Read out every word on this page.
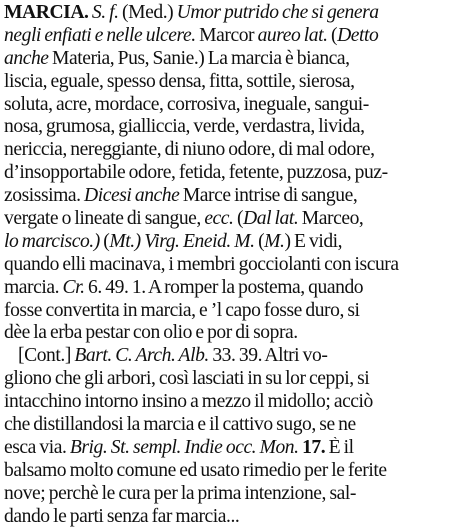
MARCIA. S. f. (Med.) Umor putrido che si genera
negli enfiati e nelle ulcere. Marcor aureo lat. (Detto
anche Materia, Pus, Sanie.) La marcia è bianca,
liscia, eguale, spesso densa, fitta, sottile, sierosa,
soluta, acre, mordace, corrosiva, ineguale, sangui-
nosa, grumosa, gialliccia, verde, verdastra, livida,
nericcia, nereggiante, di niuno odore, di mal odore,
d’insopportabile odore, fetida, fetente, puzzosa, puz-
zosissima. Dicesi anche Marce intrise di sangue,
vergate o lineate di sangue, ecc. (Dal lat. Marceo,
lo marcisco.) (Mt.) Virg. Eneid. M. (M.) E vidi,
quando elli macinava, i membri gocciolanti con iscura
marcia. Cr. 6. 49. 1. A romper la postema, quando
fosse convertita in marcia, e ’l capo fosse duro, si
dèe la erba pestar con olio e por di sopra.
[Cont.] Bart. C. Arch. Alb. 33. 39. Altri vo-
gliono che gli arbori, così lasciati in su lor ceppi, si
intacchino intorno insino a mezzo il midollo; acciò
che distillandosi la marcia e il cattivo sugo, se ne
esca via. Brig. St. sempl. Indie occ. Mon. 17. È il
balsamo molto comune ed usato rimedio per le ferite
nove; perchè le cura per la prima intenzione, sal-
dando le parti senza far marcia...
